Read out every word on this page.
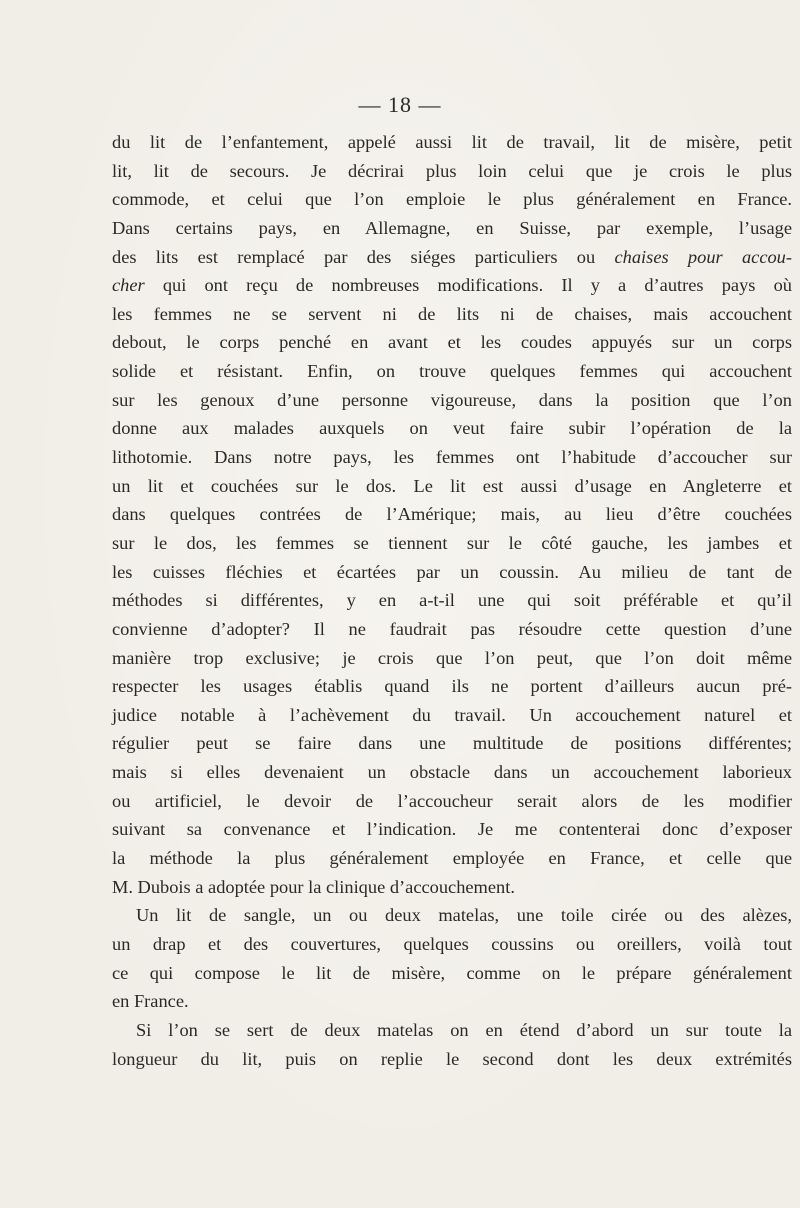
— 18 —
du lit de l’enfantement, appelé aussi lit de travail, lit de misère, petit
lit, lit de secours. Je décrirai plus loin celui que je crois le plus
commode, et celui que l’on emploie le plus généralement en France.
Dans certains pays, en Allemagne, en Suisse, par exemple, l’usage
des lits est remplacé par des siéges particuliers ou chaises pour accou-
cher qui ont reçu de nombreuses modifications. Il y a d’autres pays où
les femmes ne se servent ni de lits ni de chaises, mais accouchent
debout, le corps penché en avant et les coudes appuyés sur un corps
solide et résistant. Enfin, on trouve quelques femmes qui accouchent
sur les genoux d’une personne vigoureuse, dans la position que l’on
donne aux malades auxquels on veut faire subir l’opération de la
lithotomie. Dans notre pays, les femmes ont l’habitude d’accoucher sur
un lit et couchées sur le dos. Le lit est aussi d’usage en Angleterre et
dans quelques contrées de l’Amérique; mais, au lieu d’être couchées
sur le dos, les femmes se tiennent sur le côté gauche, les jambes et
les cuisses fléchies et écartées par un coussin. Au milieu de tant de
méthodes si différentes, y en a-t-il une qui soit préférable et qu’il
convienne d’adopter? Il ne faudrait pas résoudre cette question d’une
manière trop exclusive; je crois que l’on peut, que l’on doit même
respecter les usages établis quand ils ne portent d’ailleurs aucun pré-
judice notable à l’achèvement du travail. Un accouchement naturel et
régulier peut se faire dans une multitude de positions différentes;
mais si elles devenaient un obstacle dans un accouchement laborieux
ou artificiel, le devoir de l’accoucheur serait alors de les modifier
suivant sa convenance et l’indication. Je me contenterai donc d’exposer
la méthode la plus généralement employée en France, et celle que
M. Dubois a adoptée pour la clinique d’accouchement.
Un lit de sangle, un ou deux matelas, une toile cirée ou des alèzes,
un drap et des couvertures, quelques coussins ou oreillers, voilà tout
ce qui compose le lit de misère, comme on le prépare généralement
en France.
Si l’on se sert de deux matelas on en étend d’abord un sur toute la
longueur du lit, puis on replie le second dont les deux extrémités
